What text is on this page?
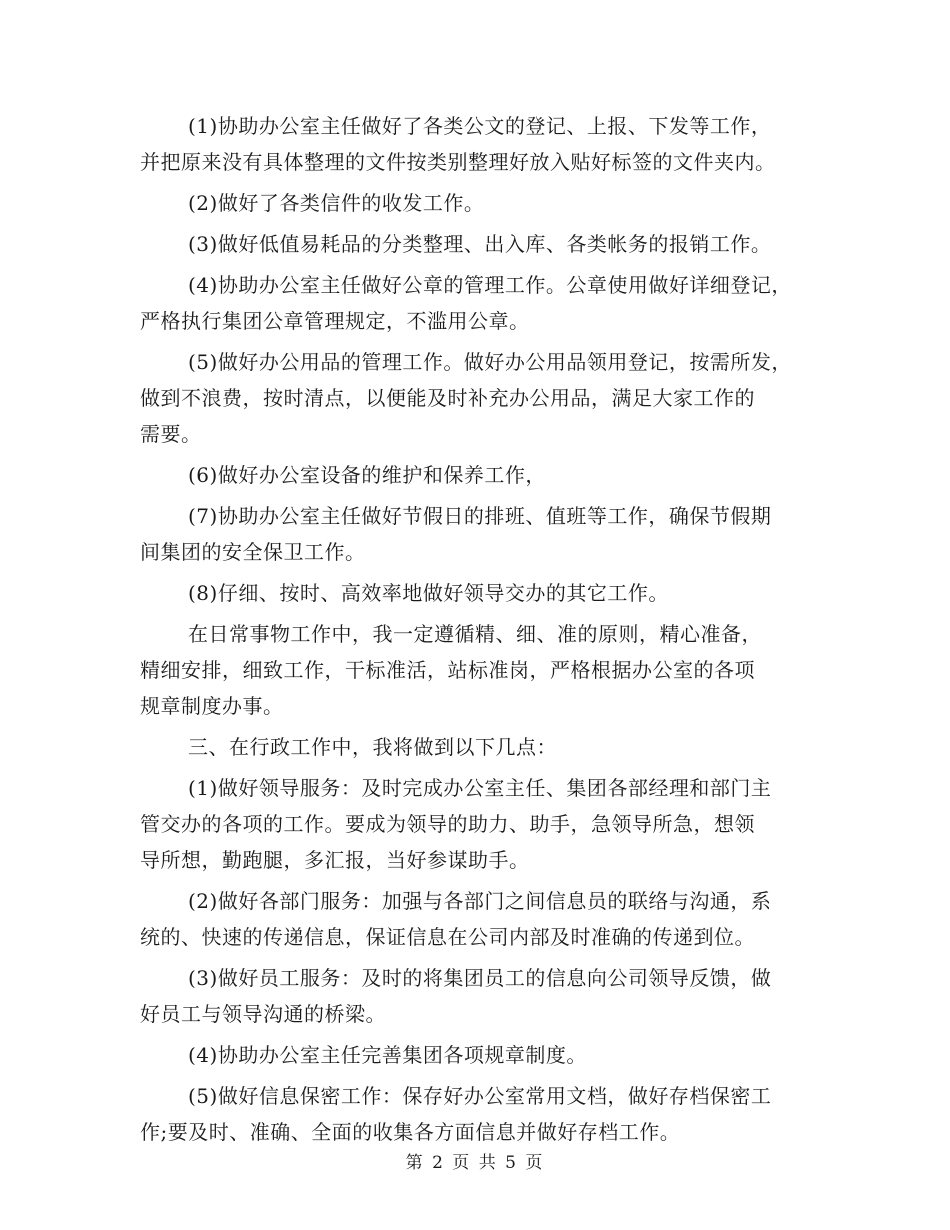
(1)协助办公室主任做好了各类公文的登记、上报、下发等工作，
并把原来没有具体整理的文件按类别整理好放入贴好标签的文件夹内。
(2)做好了各类信件的收发工作。
(3)做好低值易耗品的分类整理、出入库、各类帐务的报销工作。
(4)协助办公室主任做好公章的管理工作。公章使用做好详细登记，
严格执行集团公章管理规定，不滥用公章。
(5)做好办公用品的管理工作。做好办公用品领用登记，按需所发，
做到不浪费，按时清点，以便能及时补充办公用品，满足大家工作的
需要。
(6)做好办公室设备的维护和保养工作，
(7)协助办公室主任做好节假日的排班、值班等工作，确保节假期
间集团的安全保卫工作。
(8)仔细、按时、高效率地做好领导交办的其它工作。
在日常事物工作中，我一定遵循精、细、准的原则，精心准备，
精细安排，细致工作，干标准活，站标准岗，严格根据办公室的各项
规章制度办事。
三、在行政工作中，我将做到以下几点：
(1)做好领导服务：及时完成办公室主任、集团各部经理和部门主
管交办的各项的工作。要成为领导的助力、助手，急领导所急，想领
导所想，勤跑腿，多汇报，当好参谋助手。
(2)做好各部门服务：加强与各部门之间信息员的联络与沟通，系
统的、快速的传递信息，保证信息在公司内部及时准确的传递到位。
(3)做好员工服务：及时的将集团员工的信息向公司领导反馈，做
好员工与领导沟通的桥梁。
(4)协助办公室主任完善集团各项规章制度。
(5)做好信息保密工作：保存好办公室常用文档，做好存档保密工
作;要及时、准确、全面的收集各方面信息并做好存档工作。
第 2 页 共 5 页
